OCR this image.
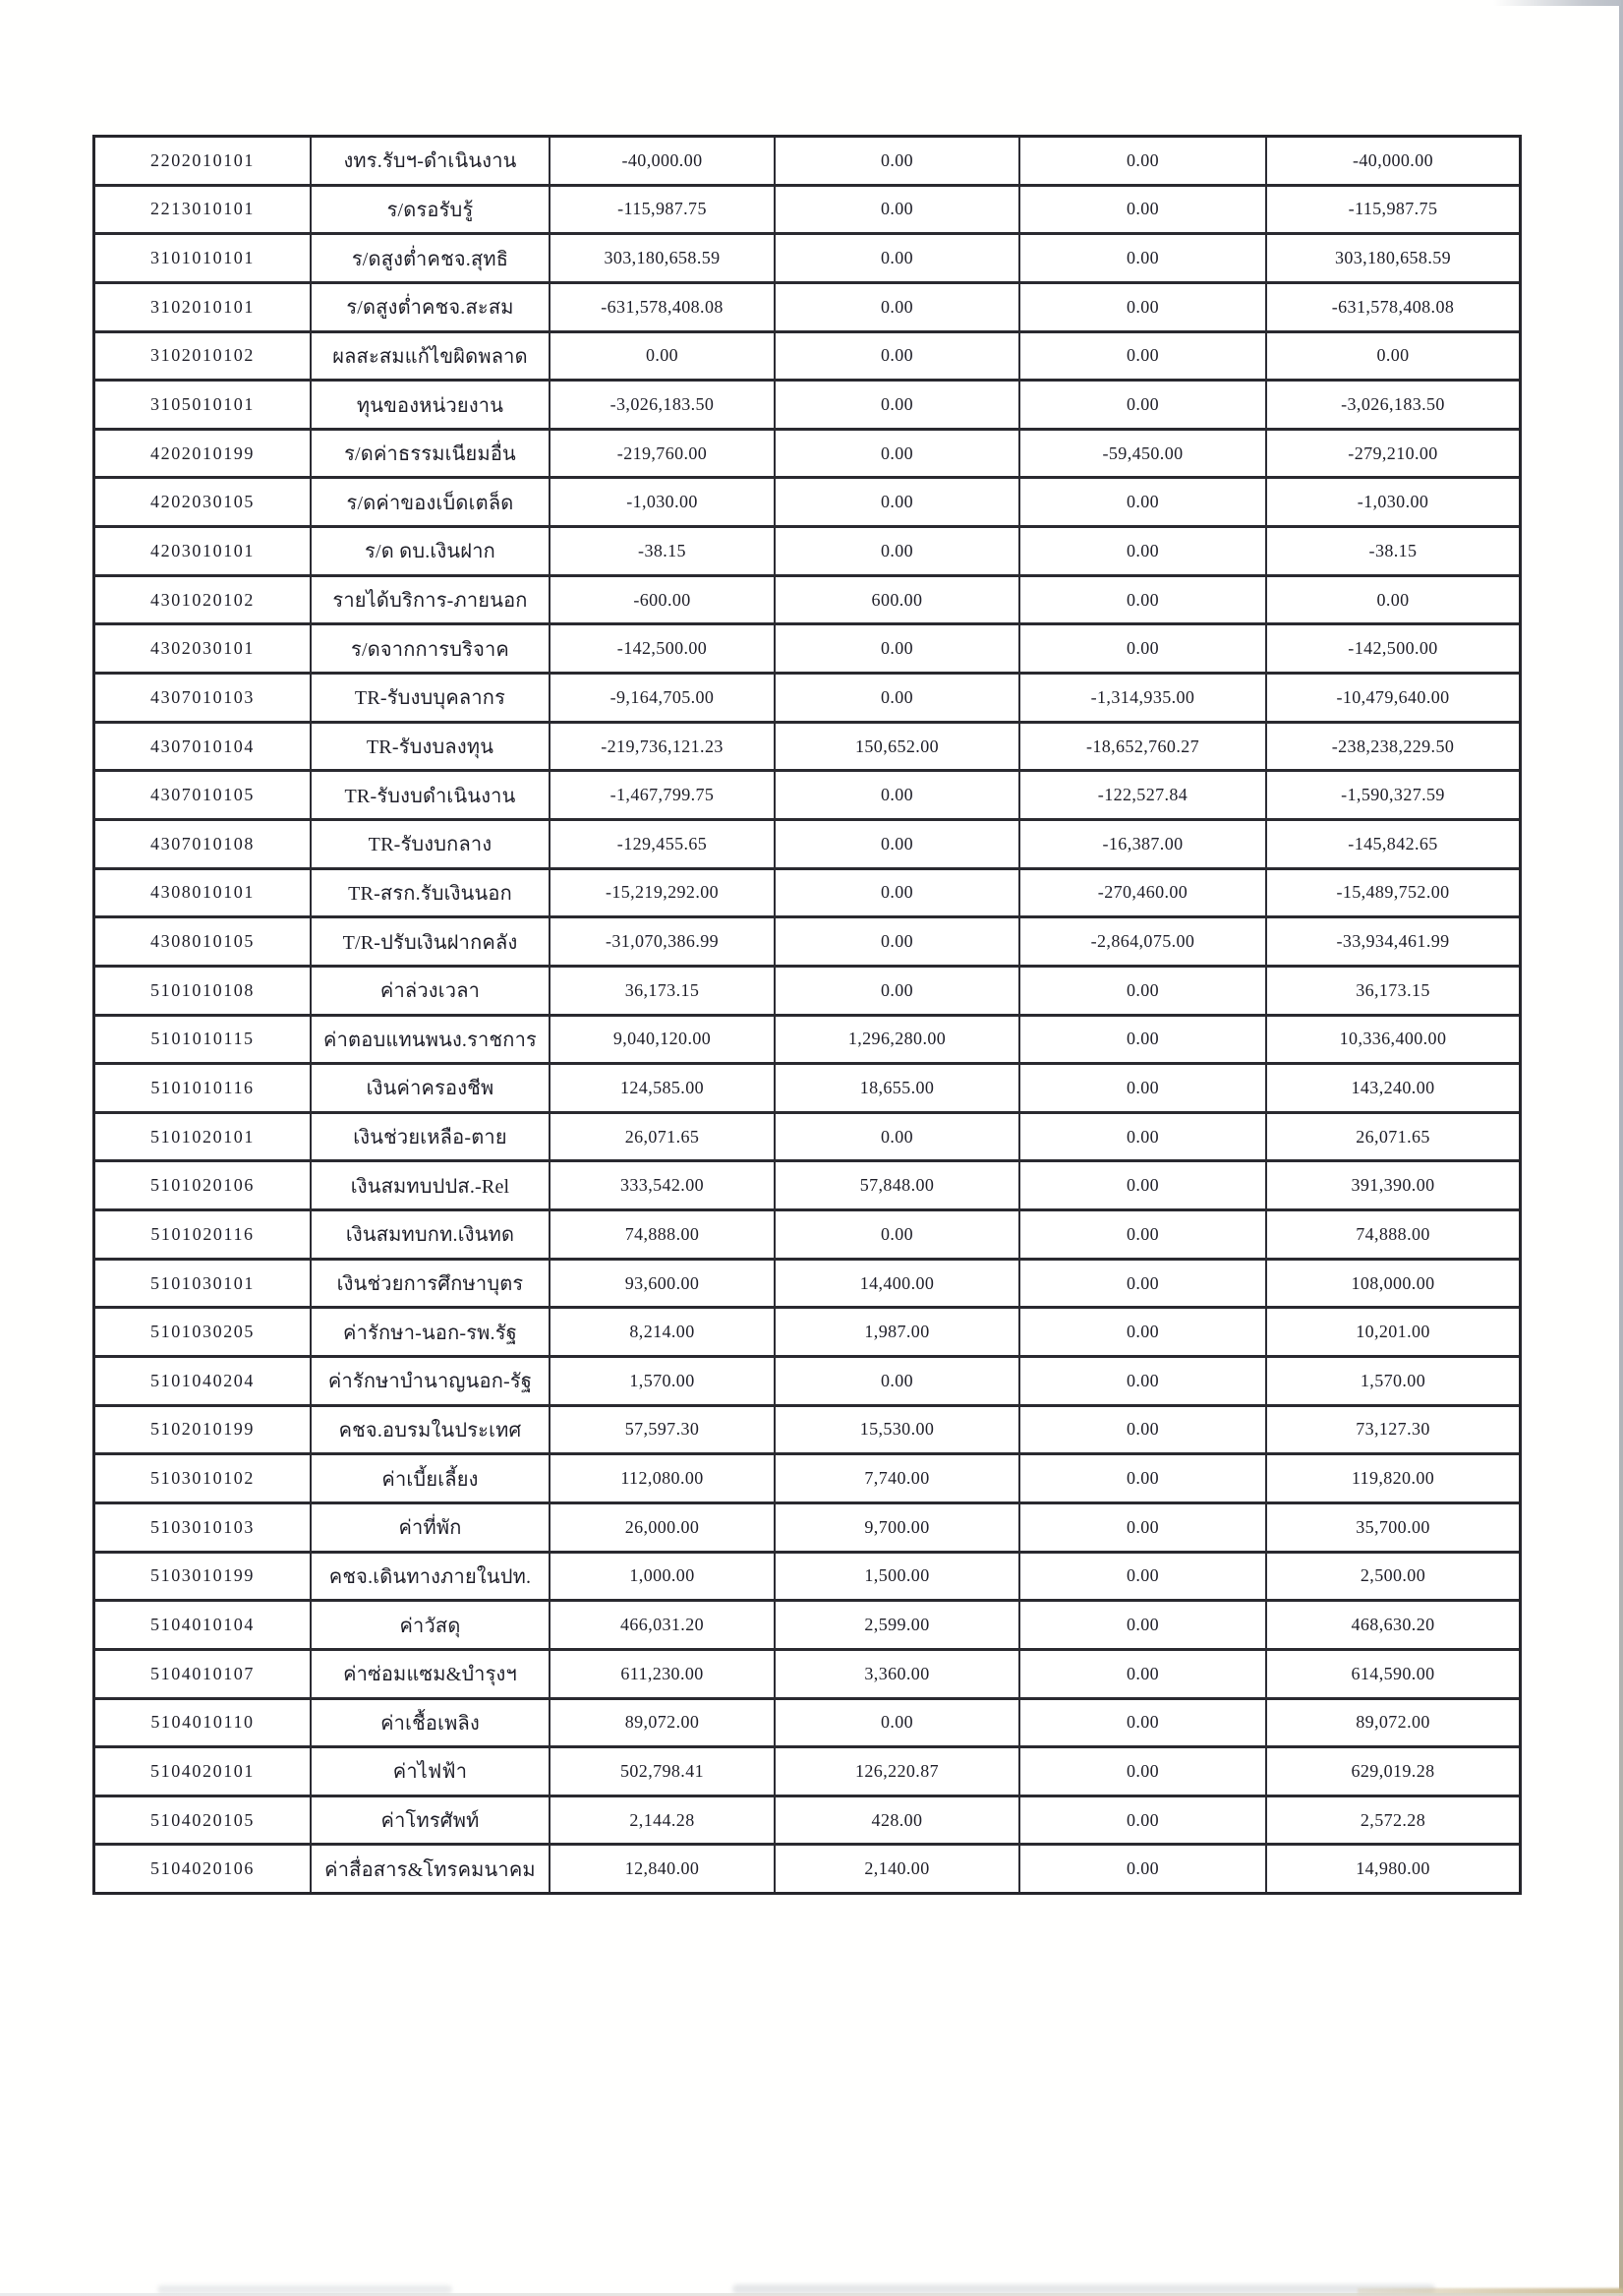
2202010101	งทร.รับฯ-ดำเนินงาน	-40,000.00	0.00	0.00	-40,000.00
2213010101	ร/ดรอรับรู้	-115,987.75	0.00	0.00	-115,987.75
3101010101	ร/ดสูงต่ำคชจ.สุทธิ	303,180,658.59	0.00	0.00	303,180,658.59
3102010101	ร/ดสูงต่ำคชจ.สะสม	-631,578,408.08	0.00	0.00	-631,578,408.08
3102010102	ผลสะสมแก้ไขผิดพลาด	0.00	0.00	0.00	0.00
3105010101	ทุนของหน่วยงาน	-3,026,183.50	0.00	0.00	-3,026,183.50
4202010199	ร/ดค่าธรรมเนียมอื่น	-219,760.00	0.00	-59,450.00	-279,210.00
4202030105	ร/ดค่าของเบ็ดเตล็ด	-1,030.00	0.00	0.00	-1,030.00
4203010101	ร/ด ดบ.เงินฝาก	-38.15	0.00	0.00	-38.15
4301020102	รายได้บริการ-ภายนอก	-600.00	600.00	0.00	0.00
4302030101	ร/ดจากการบริจาค	-142,500.00	0.00	0.00	-142,500.00
4307010103	TR-รับงบบุคลากร	-9,164,705.00	0.00	-1,314,935.00	-10,479,640.00
4307010104	TR-รับงบลงทุน	-219,736,121.23	150,652.00	-18,652,760.27	-238,238,229.50
4307010105	TR-รับงบดำเนินงาน	-1,467,799.75	0.00	-122,527.84	-1,590,327.59
4307010108	TR-รับงบกลาง	-129,455.65	0.00	-16,387.00	-145,842.65
4308010101	TR-สรก.รับเงินนอก	-15,219,292.00	0.00	-270,460.00	-15,489,752.00
4308010105	T/R-ปรับเงินฝากคลัง	-31,070,386.99	0.00	-2,864,075.00	-33,934,461.99
5101010108	ค่าล่วงเวลา	36,173.15	0.00	0.00	36,173.15
5101010115	ค่าตอบแทนพนง.ราชการ	9,040,120.00	1,296,280.00	0.00	10,336,400.00
5101010116	เงินค่าครองชีพ	124,585.00	18,655.00	0.00	143,240.00
5101020101	เงินช่วยเหลือ-ตาย	26,071.65	0.00	0.00	26,071.65
5101020106	เงินสมทบปปส.-Rel	333,542.00	57,848.00	0.00	391,390.00
5101020116	เงินสมทบกท.เงินทด	74,888.00	0.00	0.00	74,888.00
5101030101	เงินช่วยการศึกษาบุตร	93,600.00	14,400.00	0.00	108,000.00
5101030205	ค่ารักษา-นอก-รพ.รัฐ	8,214.00	1,987.00	0.00	10,201.00
5101040204	ค่ารักษาบำนาญนอก-รัฐ	1,570.00	0.00	0.00	1,570.00
5102010199	คชจ.อบรมในประเทศ	57,597.30	15,530.00	0.00	73,127.30
5103010102	ค่าเบี้ยเลี้ยง	112,080.00	7,740.00	0.00	119,820.00
5103010103	ค่าที่พัก	26,000.00	9,700.00	0.00	35,700.00
5103010199	คชจ.เดินทางภายในปท.	1,000.00	1,500.00	0.00	2,500.00
5104010104	ค่าวัสดุ	466,031.20	2,599.00	0.00	468,630.20
5104010107	ค่าซ่อมแซม&บำรุงฯ	611,230.00	3,360.00	0.00	614,590.00
5104010110	ค่าเชื้อเพลิง	89,072.00	0.00	0.00	89,072.00
5104020101	ค่าไฟฟ้า	502,798.41	126,220.87	0.00	629,019.28
5104020105	ค่าโทรศัพท์	2,144.28	428.00	0.00	2,572.28
5104020106	ค่าสื่อสาร&โทรคมนาคม	12,840.00	2,140.00	0.00	14,980.00
